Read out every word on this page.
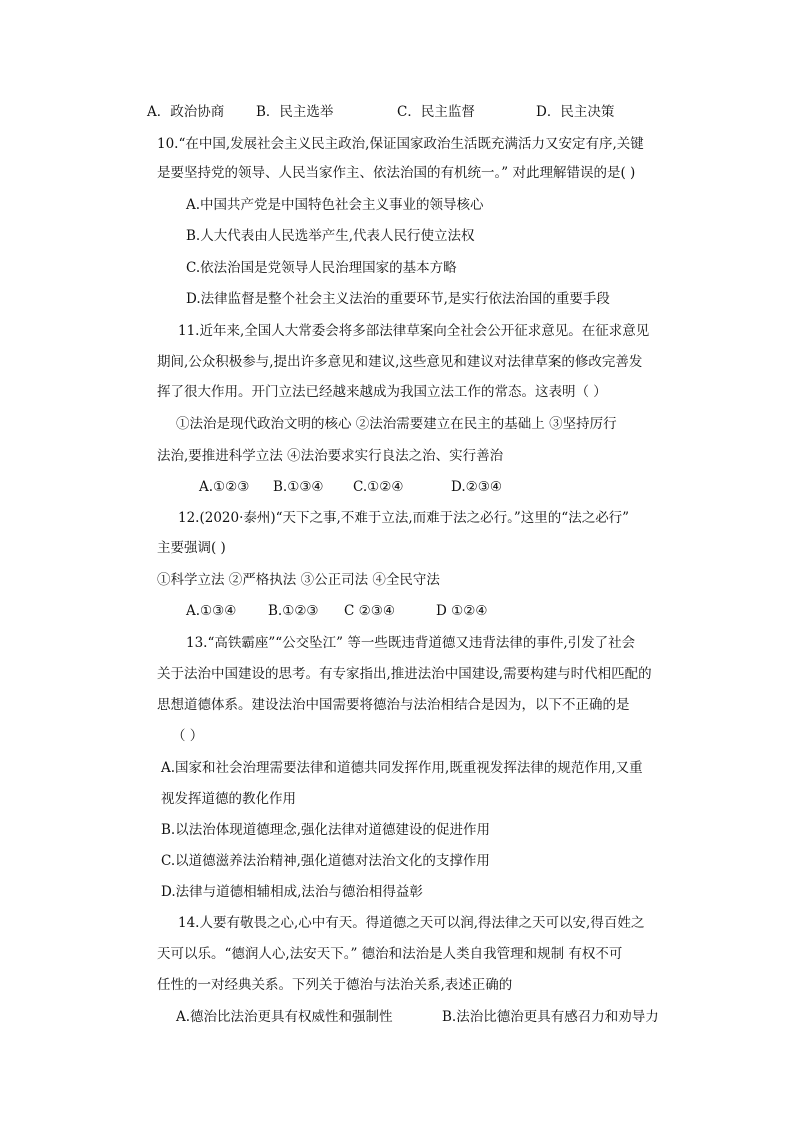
A．政治协商 B．民主选举	C．民主监督	D．民主决策
10.“在中国,发展社会主义民主政治,保证国家政治生活既充满活力又安定有序,关键
是要坚持党的领导、人民当家作主、依法治国的有机统一。” 对此理解错误的是( )
A.中国共产党是中国特色社会主义事业的领导核心
B.人大代表由人民选举产生,代表人民行使立法权
C.依法治国是党领导人民治理国家的基本方略
D.法律监督是整个社会主义法治的重要环节,是实行依法治国的重要手段
11.近年来,全国人大常委会将多部法律草案向全社会公开征求意见。在征求意见
期间,公众积极参与,提出许多意见和建议,这些意见和建议对法律草案的修改完善发
挥了很大作用。开门立法已经越来越成为我国立法工作的常态。这表明（ ）
①法治是现代政治文明的核心 ②法治需要建立在民主的基础上 ③坚持厉行
法治,要推进科学立法 ④法治要求实行良法之治、实行善治
A.①②③ B.①③④ C.①②④	D.②③④
12.(2020·泰州)“天下之事,不难于立法,而难于法之必行。”这里的“法之必行”
主要强调( )
①科学立法 ②严格执法 ③公正司法 ④全民守法
A.①③④ B.①②③ C ②③④	D ①②④
13.“高铁霸座”“公交坠江” 等一些既违背道德又违背法律的事件,引发了社会
关于法治中国建设的思考。有专家指出,推进法治中国建设,需要构建与时代相匹配的
思想道德体系。建设法治中国需要将德治与法治相结合是因为，以下不正确的是
（ ）
A.国家和社会治理需要法律和道德共同发挥作用,既重视发挥法律的规范作用,又重
视发挥道德的教化作用
B.以法治体现道德理念,强化法律对道德建设的促进作用
C.以道德滋养法治精神,强化道德对法治文化的支撑作用
D.法律与道德相辅相成,法治与德治相得益彰
14.人要有敬畏之心,心中有天。得道德之天可以润,得法律之天可以安,得百姓之
天可以乐。“德润人心,法安天下。” 德治和法治是人类自我管理和规制 有权不可
任性的一对经典关系。下列关于德治与法治关系,表述正确的
A.德治比法治更具有权威性和强制性	B.法治比德治更具有感召力和劝导力
